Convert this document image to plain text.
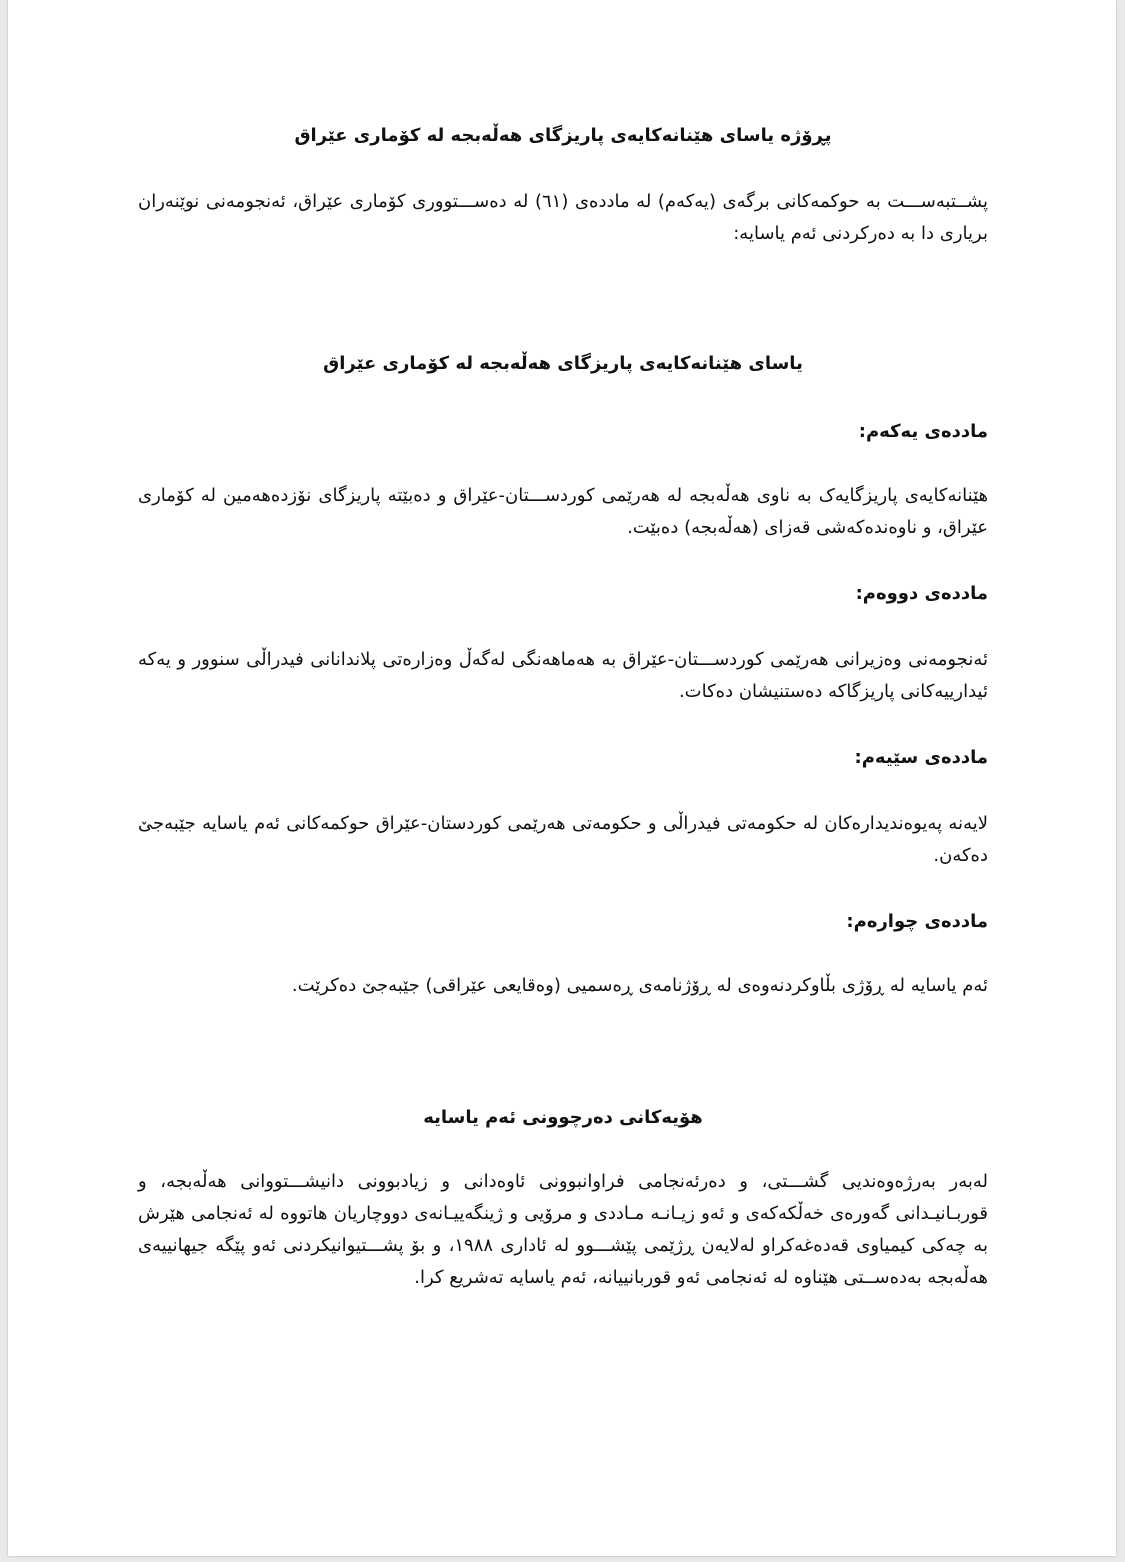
پڕۆژە یاسای هێنانەکایەی پاریزگای هەڵەبجە لە کۆماری عێراق

پشــتبەســـت بە حوکمەکانی برگەی (یەکەم) لە ماددەی (٦١) لە دەســـتووری کۆماری عێراق، ئەنجومەنی نوێنەران بریاری دا بە دەرکردنی ئەم یاسایە:

یاسای هێنانەکایەی پاریزگای هەڵەبجە لە کۆماری عێراق

ماددەی یەکەم:

هێنانەکایەی پاریزگایەک بە ناوی هەڵەبجە لە هەرێمی کوردســـتان-عێراق و دەبێتە پاریزگای نۆزدەهەمین لە کۆماری عێراق، و ناوەندەکەشی قەزای (هەڵەبجە) دەبێت.

ماددەی دووەم:

ئەنجومەنی وەزیرانی هەرێمی کوردســـتان-عێراق بە هەماهەنگی لەگەڵ وەزارەتی پلاندانانی فیدراڵی سنوور و یەکە ئیدارییەکانی پاریزگاکە دەستنیشان دەکات.

ماددەی سێیەم:

لایەنە پەیوەندیدارەکان لە حکومەتی فیدراڵی و حکومەتی هەرێمی کوردستان-عێراق حوکمەکانی ئەم یاسایە جێبەجێ دەکەن.

ماددەی چوارەم:

ئەم یاسایە لە ڕۆژی بڵاوکردنەوەی لە ڕۆژنامەی ڕەسمیی (وەقایعی عێراقی) جێبەجێ دەکرێت.

هۆیەکانی دەرچوونی ئەم یاسایە

لەبەر بەرژەوەندیی گشـــتی، و دەرئەنجامی فراوانبوونی ئاوەدانی و زیادبوونی دانیشـــتووانی هەڵەبجە، و قوربـانیـدانی گەورەی خەڵکەکەی و ئەو زیـانـە مـاددی و مرۆیی و ژینگەییـانەی دووچاریان هاتووە لە ئەنجامی هێرش بە چەکی کیمیاوی قەدەغەکراو لەلایەن ڕژێمی پێشـــوو لە ئاداری ١٩٨٨، و بۆ پشـــتیوانیکردنی ئەو پێگە جیهانییەی هەڵەبجە بەدەســتی هێناوە لە ئەنجامی ئەو قوربانییانە، ئەم یاسایە تەشریع کرا.
